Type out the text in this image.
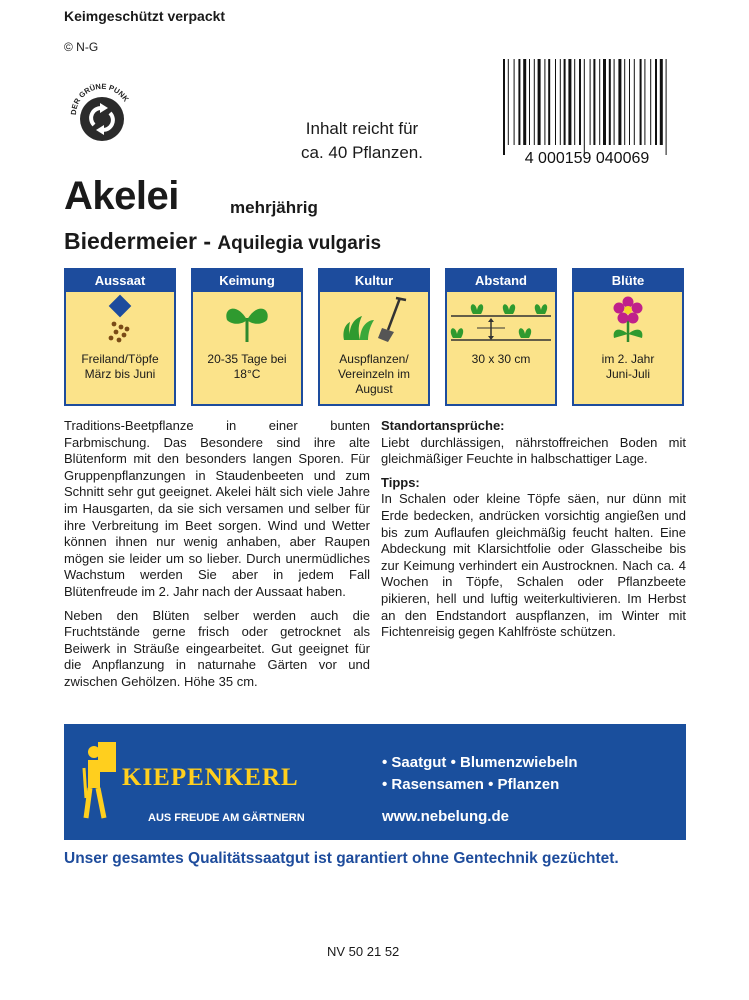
Keimgeschützt verpackt
© N-G
DER GRÜNE PUNK
Inhalt reicht für
ca. 40 Pflanzen.	4 000159 040069
Akelei	mehrjährig
Biedermeier - Aquilegia vulgaris
Aussaat
Freiland/Töpfe
März bis Juni
Keimung
20-35 Tage bei
18°C
Kultur
Auspflanzen/
Vereinzeln im
August
Abstand
30 x 30 cm
Blüte
im 2. Jahr
Juni-Juli

Traditions-Beetpflanze in einer bunten Farbmischung. Das Besondere sind ihre alte Blütenform mit den besonders langen Sporen. Für Gruppenpflanzungen in Staudenbeeten und zum Schnitt sehr gut geeignet. Akelei hält sich viele Jahre im Hausgarten, da sie sich versamen und selber für ihre Verbreitung im Beet sorgen. Wind und Wetter können ihnen nur wenig anhaben, aber Raupen mögen sie leider um so lieber. Durch unermüdliches Wachstum werden Sie aber in jedem Fall Blütenfreude im 2. Jahr nach der Aussaat haben.

Neben den Blüten selber werden auch die Fruchtstände gerne frisch oder getrocknet als Beiwerk in Sträuße eingearbeitet. Gut geeignet für die Anpflanzung in naturnahe Gärten vor und zwischen Gehölzen. Höhe 35 cm.

Standortansprüche:

Liebt durchlässigen, nährstoffreichen Boden mit gleichmäßiger Feuchte in halbschattiger Lage.

Tipps:

In Schalen oder kleine Töpfe säen, nur dünn mit Erde bedecken, andrücken vorsichtig angießen und bis zum Auflaufen gleichmäßig feucht halten. Eine Abdeckung mit Klarsichtfolie oder Glasscheibe bis zur Keimung verhindert ein Austrocknen. Nach ca. 4 Wochen in Töpfe, Schalen oder Pflanzbeete pikieren, hell und luftig weiterkultivieren. Im Herbst an den Endstandort auspflanzen, im Winter mit Fichtenreisig gegen Kahlfröste schützen.

KIEPENKERL
AUS FREUDE AM GÄRTNERN
• Saatgut • Blumenzwiebeln
• Rasensamen • Pflanzen
www.nebelung.de
Unser gesamtes Qualitätssaatgut ist garantiert ohne Gentechnik gezüchtet.
NV 50 21 52
